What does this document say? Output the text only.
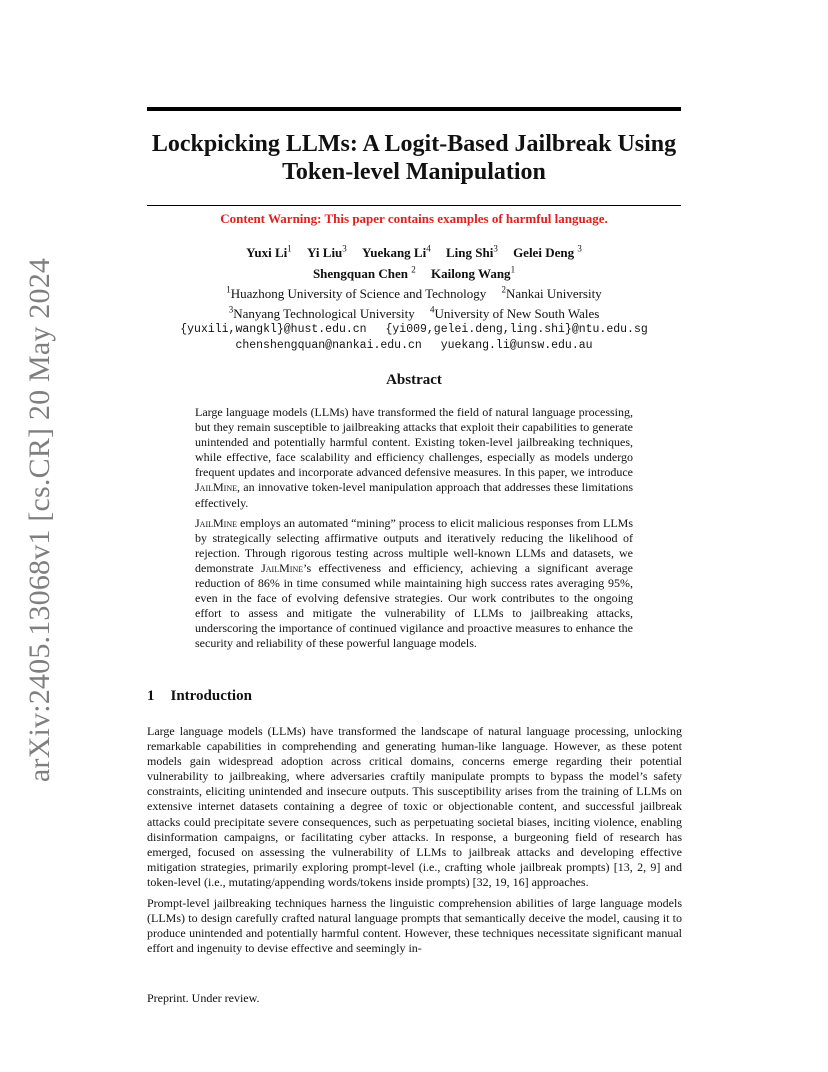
arXiv:2405.13068v1 [cs.CR] 20 May 2024
Lockpicking LLMs: A Logit-Based Jailbreak Using
Token-level Manipulation
Content Warning: This paper contains examples of harmful language.
Yuxi Li$^1$ Yi Liu$^3$ Yuekang Li$^4$ Ling Shi$^3$ Gelei Deng $^3$
Shengquan Chen $^2$ Kailong Wang$^1$
$^1$Huazhong University of Science and Technology $^2$Nankai University
$^3$Nanyang Technological University $^4$University of New South Wales
{yuxili,wangkl}@hust.edu.cn {yi009,gelei.deng,ling.shi}@ntu.edu.sg
chenshengquan@nankai.edu.cn yuekang.li@unsw.edu.au
Abstract

Large language models (LLMs) have transformed the field of natural language processing, but they remain susceptible to jailbreaking attacks that exploit their capabilities to generate unintended and potentially harmful content. Existing token-level jailbreaking techniques, while effective, face scalability and efficiency challenges, especially as models undergo frequent updates and incorporate advanced defensive measures. In this paper, we introduce JailMine, an innovative token-level manipulation approach that addresses these limitations effectively.

JailMine employs an automated “mining” process to elicit malicious responses from LLMs by strategically selecting affirmative outputs and iteratively reducing the likelihood of rejection. Through rigorous testing across multiple well-known LLMs and datasets, we demonstrate JailMine’s effectiveness and efficiency, achieving a significant average reduction of 86% in time consumed while maintaining high success rates averaging 95%, even in the face of evolving defensive strategies. Our work contributes to the ongoing effort to assess and mitigate the vulnerability of LLMs to jailbreaking attacks, underscoring the importance of continued vigilance and proactive measures to enhance the security and reliability of these powerful language models.

1 Introduction

Large language models (LLMs) have transformed the landscape of natural language processing, unlocking remarkable capabilities in comprehending and generating human-like language. However, as these potent models gain widespread adoption across critical domains, concerns emerge regarding their potential vulnerability to jailbreaking, where adversaries craftily manipulate prompts to bypass the model’s safety constraints, eliciting unintended and insecure outputs. This susceptibility arises from the training of LLMs on extensive internet datasets containing a degree of toxic or objectionable content, and successful jailbreak attacks could precipitate severe consequences, such as perpetuating societal biases, inciting violence, enabling disinformation campaigns, or facilitating cyber attacks. In response, a burgeoning field of research has emerged, focused on assessing the vulnerability of LLMs to jailbreak attacks and developing effective mitigation strategies, primarily exploring prompt-level (i.e., crafting whole jailbreak prompts) [13, 2, 9] and token-level (i.e., mutating/appending words/tokens inside prompts) [32, 19, 16] approaches.

Prompt-level jailbreaking techniques harness the linguistic comprehension abilities of large language models (LLMs) to design carefully crafted natural language prompts that semantically deceive the model, causing it to produce unintended and potentially harmful content. However, these techniques necessitate significant manual effort and ingenuity to devise effective and seemingly in-

Preprint. Under review.
